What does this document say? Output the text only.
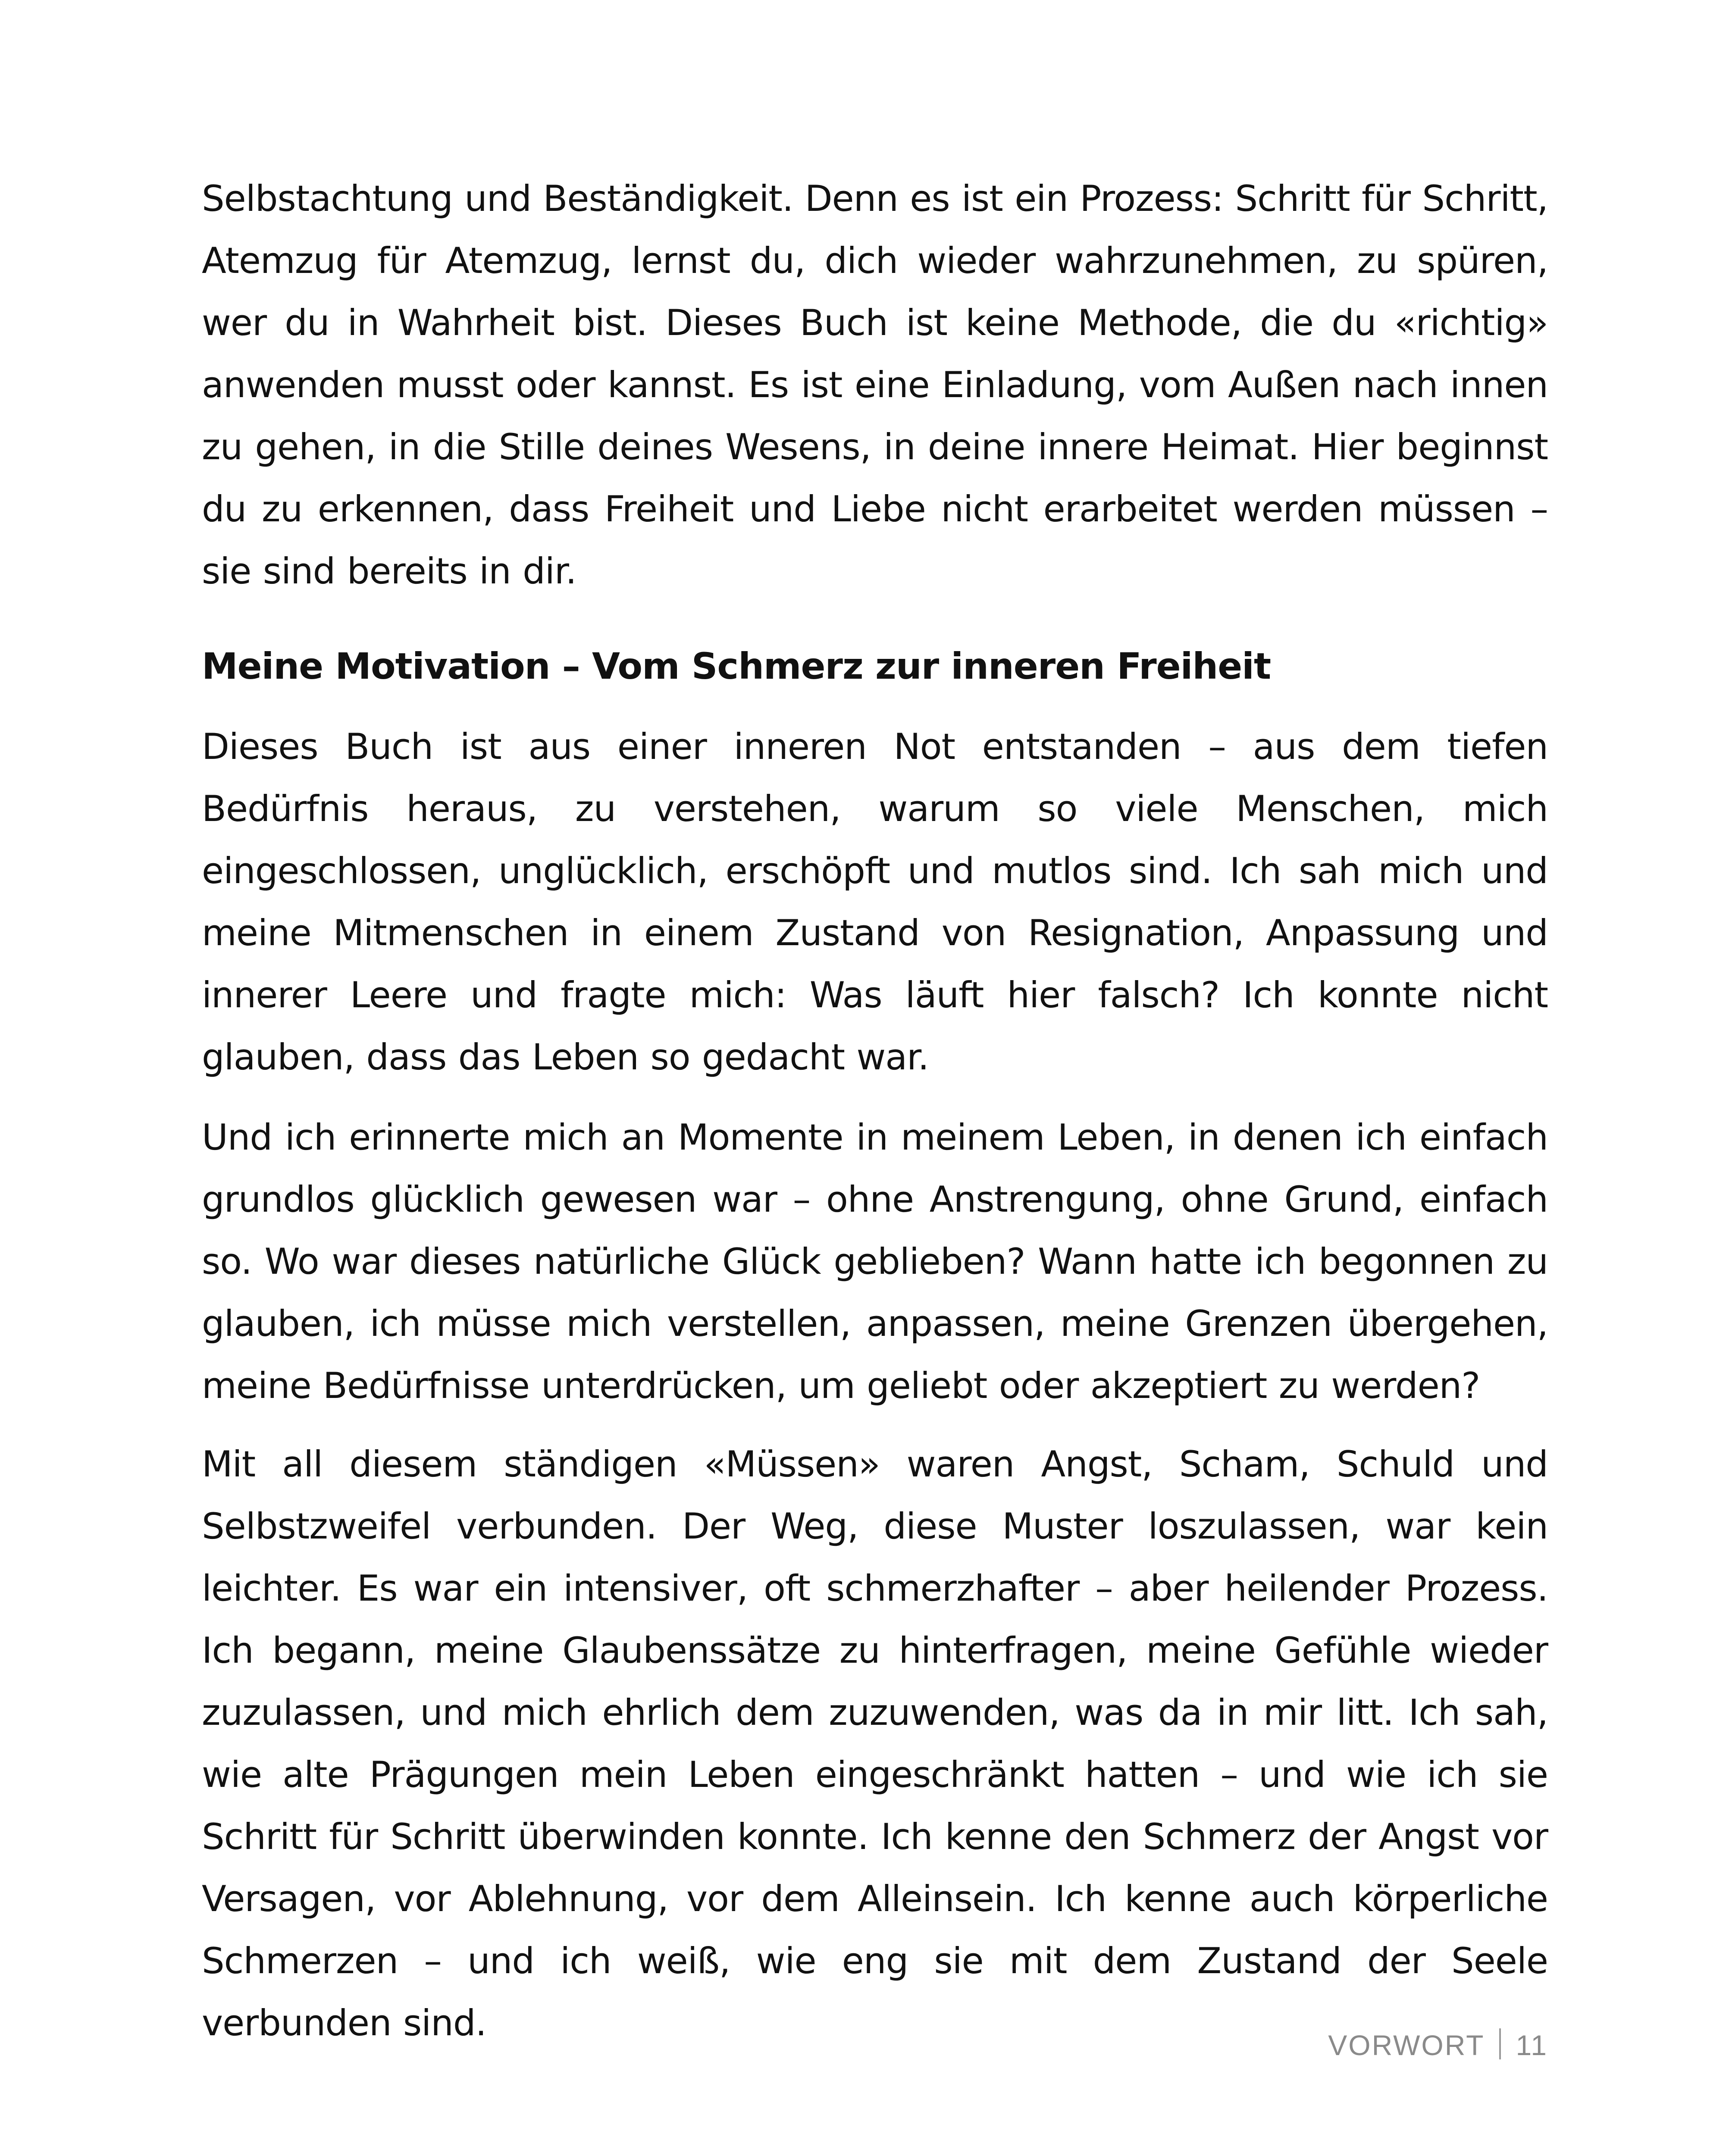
Selbstachtung und Beständigkeit. Denn es ist ein Prozess: Schritt für Schritt, Atemzug für Atemzug, lernst du, dich wieder wahrzunehmen, zu spüren, wer du in Wahrheit bist. Dieses Buch ist keine Methode, die du «richtig» anwenden musst oder kannst. Es ist eine Einladung, vom Außen nach innen zu gehen, in die Stille deines Wesens, in deine innere Heimat. Hier beginnst du zu erkennen, dass Freiheit und Liebe nicht erarbeitet werden müssen – sie sind bereits in dir.

Meine Motivation – Vom Schmerz zur inneren Freiheit

Dieses Buch ist aus einer inneren Not entstanden – aus dem tiefen Bedürfnis heraus, zu verstehen, warum so viele Menschen, mich eingeschlossen, unglücklich, erschöpft und mutlos sind. Ich sah mich und meine Mitmenschen in einem Zustand von Resignation, Anpassung und innerer Leere und fragte mich: Was läuft hier falsch? Ich konnte nicht glauben, dass das Leben so gedacht war.

Und ich erinnerte mich an Momente in meinem Leben, in denen ich einfach grundlos glücklich gewesen war – ohne Anstrengung, ohne Grund, einfach so. Wo war dieses natürliche Glück geblieben? Wann hatte ich begonnen zu glauben, ich müsse mich verstellen, anpassen, meine Grenzen übergehen, meine Bedürfnisse unterdrücken, um geliebt oder akzeptiert zu werden?

Mit all diesem ständigen «Müssen» waren Angst, Scham, Schuld und Selbstzweifel verbunden. Der Weg, diese Muster loszulassen, war kein leichter. Es war ein intensiver, oft schmerzhafter – aber heilender Prozess. Ich begann, meine Glaubenssätze zu hinterfragen, meine Gefühle wieder zuzulassen, und mich ehrlich dem zuzuwenden, was da in mir litt. Ich sah, wie alte Prägungen mein Leben eingeschränkt hatten – und wie ich sie Schritt für Schritt überwinden konnte. Ich kenne den Schmerz der Angst vor Versagen, vor Ablehnung, vor dem Alleinsein. Ich kenne auch körperliche Schmerzen – und ich weiß, wie eng sie mit dem Zustand der Seele verbunden sind.

VORWORT 11
